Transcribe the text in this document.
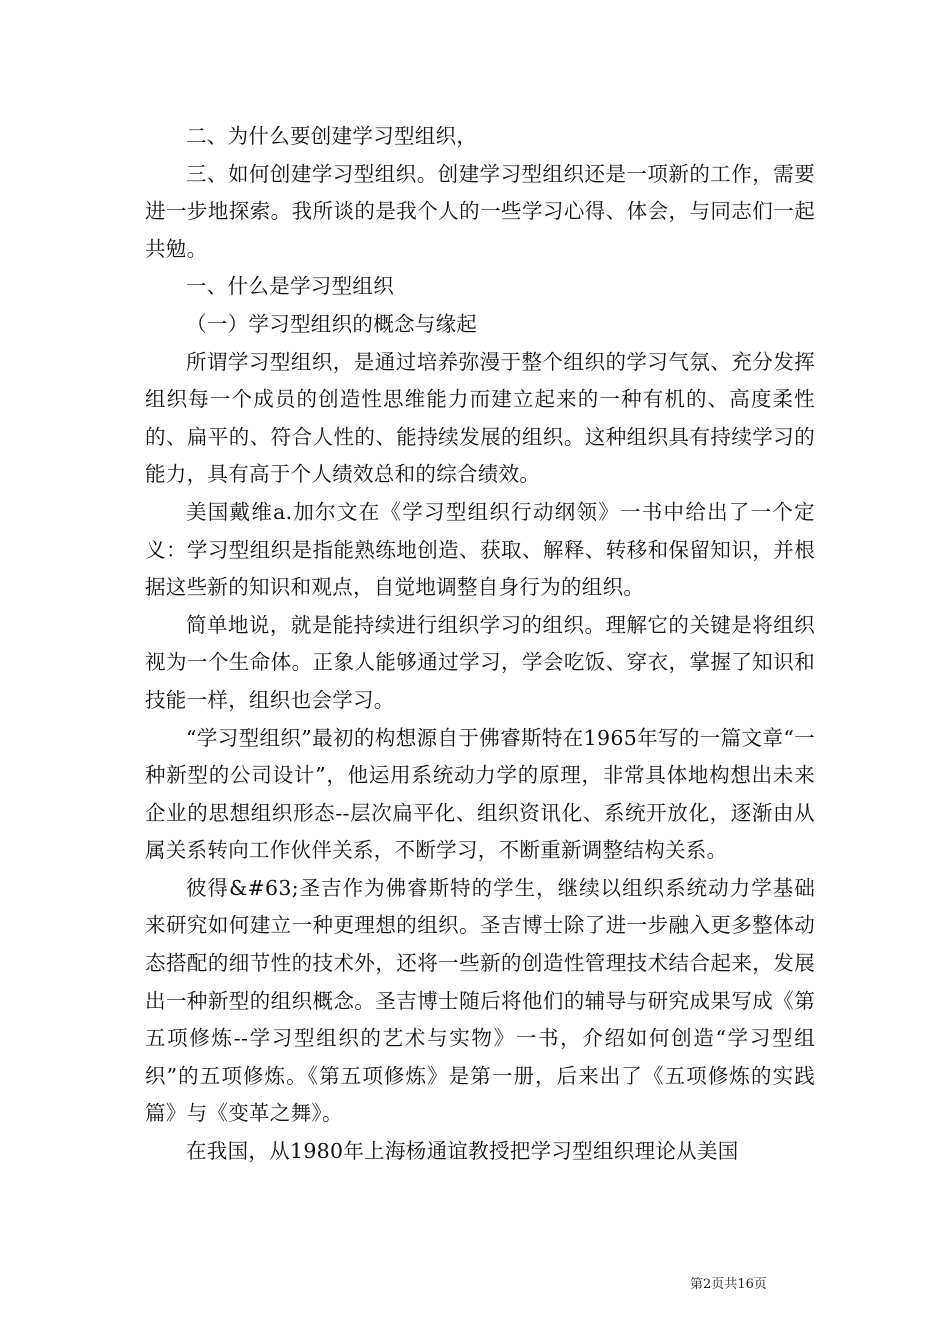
二、为什么要创建学习型组织，

三、如何创建学习型组织。创建学习型组织还是一项新的工作，需要进一步地探索。我所谈的是我个人的一些学习心得、体会，与同志们一起共勉。

一、什么是学习型组织

（一）学习型组织的概念与缘起

所谓学习型组织，是通过培养弥漫于整个组织的学习气氛、充分发挥组织每一个成员的创造性思维能力而建立起来的一种有机的、高度柔性的、扁平的、符合人性的、能持续发展的组织。这种组织具有持续学习的能力，具有高于个人绩效总和的综合绩效。

美国戴维a.加尔文在《学习型组织行动纲领》一书中给出了一个定义：学习型组织是指能熟练地创造、获取、解释、转移和保留知识，并根据这些新的知识和观点，自觉地调整自身行为的组织。

简单地说，就是能持续进行组织学习的组织。理解它的关键是将组织视为一个生命体。正象人能够通过学习，学会吃饭、穿衣，掌握了知识和技能一样，组织也会学习。

“学习型组织”最初的构想源自于佛睿斯特在1965年写的一篇文章“一种新型的公司设计”，他运用系统动力学的原理，非常具体地构想出未来企业的思想组织形态--层次扁平化、组织资讯化、系统开放化，逐渐由从属关系转向工作伙伴关系，不断学习，不断重新调整结构关系。

彼得&#63;圣吉作为佛睿斯特的学生，继续以组织系统动力学基础来研究如何建立一种更理想的组织。圣吉博士除了进一步融入更多整体动态搭配的细节性的技术外，还将一些新的创造性管理技术结合起来，发展出一种新型的组织概念。圣吉博士随后将他们的辅导与研究成果写成《第五项修炼--学习型组织的艺术与实物》一书，介绍如何创造“学习型组织”的五项修炼。《第五项修炼》是第一册，后来出了《五项修炼的实践篇》与《变革之舞》。

在我国，从1980年上海杨通谊教授把学习型组织理论从美国

第2页共16页
